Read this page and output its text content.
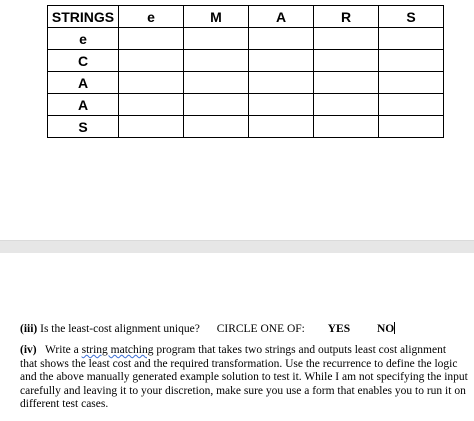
STRINGS	e	M	A	R	S
e					
C					
A					
A					
S					
(iii) Is the least-cost alignment unique? CIRCLE ONE OF: YES NO
(iv) Write a string matching program that takes two strings and outputs least cost alignment
that shows the least cost and the required transformation. Use the recurrence to define the logic
and the above manually generated example solution to test it. While I am not specifying the input
carefully and leaving it to your discretion, make sure you use a form that enables you to run it on
different test cases.
